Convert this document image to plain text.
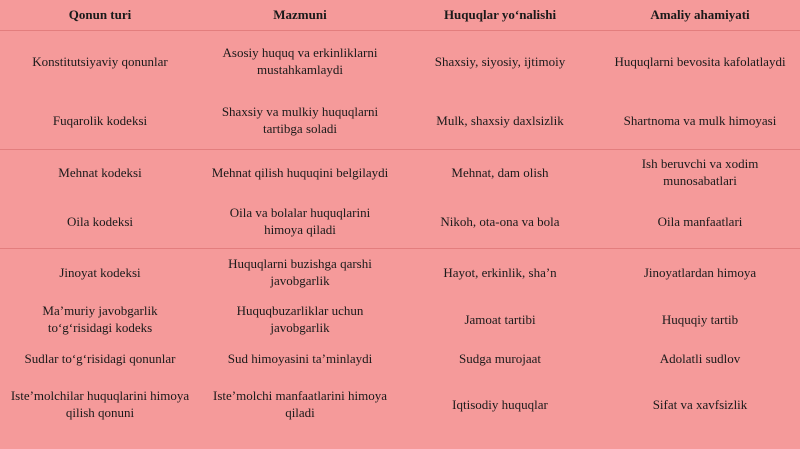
Qonun turi	Mazmuni	Huquqlar yo‘nalishi	Amaliy ahamiyati
Konstitutsiyaviy qonunlar	Asosiy huquq va erkinliklarni mustahkamlaydi	Shaxsiy, siyosiy, ijtimoiy	Huquqlarni bevosita kafolatlaydi
Fuqarolik kodeksi	Shaxsiy va mulkiy huquqlarni tartibga soladi	Mulk, shaxsiy daxlsizlik	Shartnoma va mulk himoyasi
Mehnat kodeksi	Mehnat qilish huquqini belgilaydi	Mehnat, dam olish	Ish beruvchi va xodim munosabatlari
Oila kodeksi	Oila va bolalar huquqlarini himoya qiladi	Nikoh, ota-ona va bola	Oila manfaatlari
Jinoyat kodeksi	Huquqlarni buzishga qarshi javobgarlik	Hayot, erkinlik, sha’n	Jinoyatlardan himoya
Ma’muriy javobgarlik to‘g‘risidagi kodeks	Huquqbuzarliklar uchun javobgarlik	Jamoat tartibi	Huquqiy tartib
Sudlar to‘g‘risidagi qonunlar	Sud himoyasini ta’minlaydi	Sudga murojaat	Adolatli sudlov
Iste’molchilar huquqlarini himoya qilish qonuni	Iste’molchi manfaatlarini himoya qiladi	Iqtisodiy huquqlar	Sifat va xavfsizlik
